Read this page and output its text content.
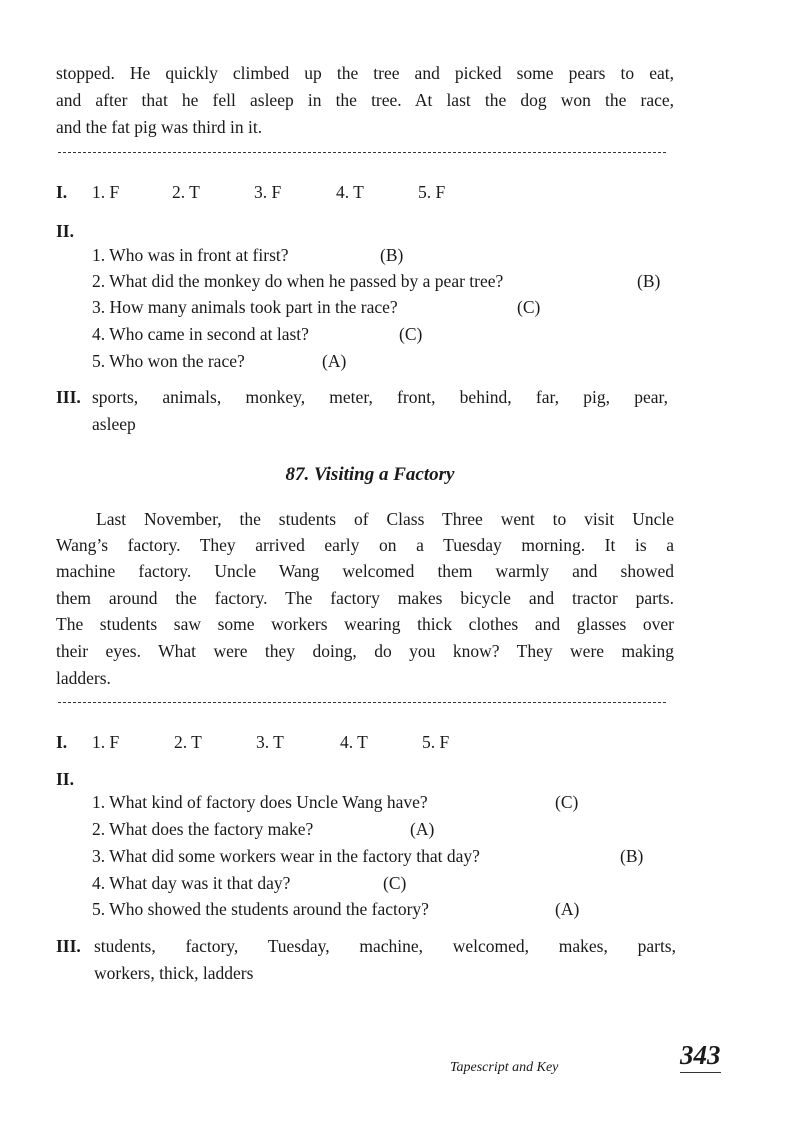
stopped. He quickly climbed up the tree and picked some pears to eat,
and after that he fell asleep in the tree. At last the dog won the race,
and the fat pig was third in it.
I. 1. F	2. T	3. F	4. T	5. F
II.
1. Who was in front at first?	(B)
2. What did the monkey do when he passed by a pear tree?	(B)
3. How many animals took part in the race?	(C)
4. Who came in second at last?	(C)
5. Who won the race?	(A)
III. sports, animals, monkey, meter, front, behind, far, pig, pear,
asleep
87. Visiting a Factory
Last November, the students of Class Three went to visit Uncle
Wang’s factory. They arrived early on a Tuesday morning. It is a
machine factory. Uncle Wang welcomed them warmly and showed
them around the factory. The factory makes bicycle and tractor parts.
The students saw some workers wearing thick clothes and glasses over
their eyes. What were they doing, do you know? They were making
ladders.
I. 1. F	2. T	3. T	4. T	5. F
II.
1. What kind of factory does Uncle Wang have?	(C)
2. What does the factory make?	(A)
3. What did some workers wear in the factory that day?	(B)
4. What day was it that day?	(C)
5. Who showed the students around the factory?	(A)
III. students, factory, Tuesday, machine, welcomed, makes, parts,
workers, thick, ladders
Tapescript and Key	343
